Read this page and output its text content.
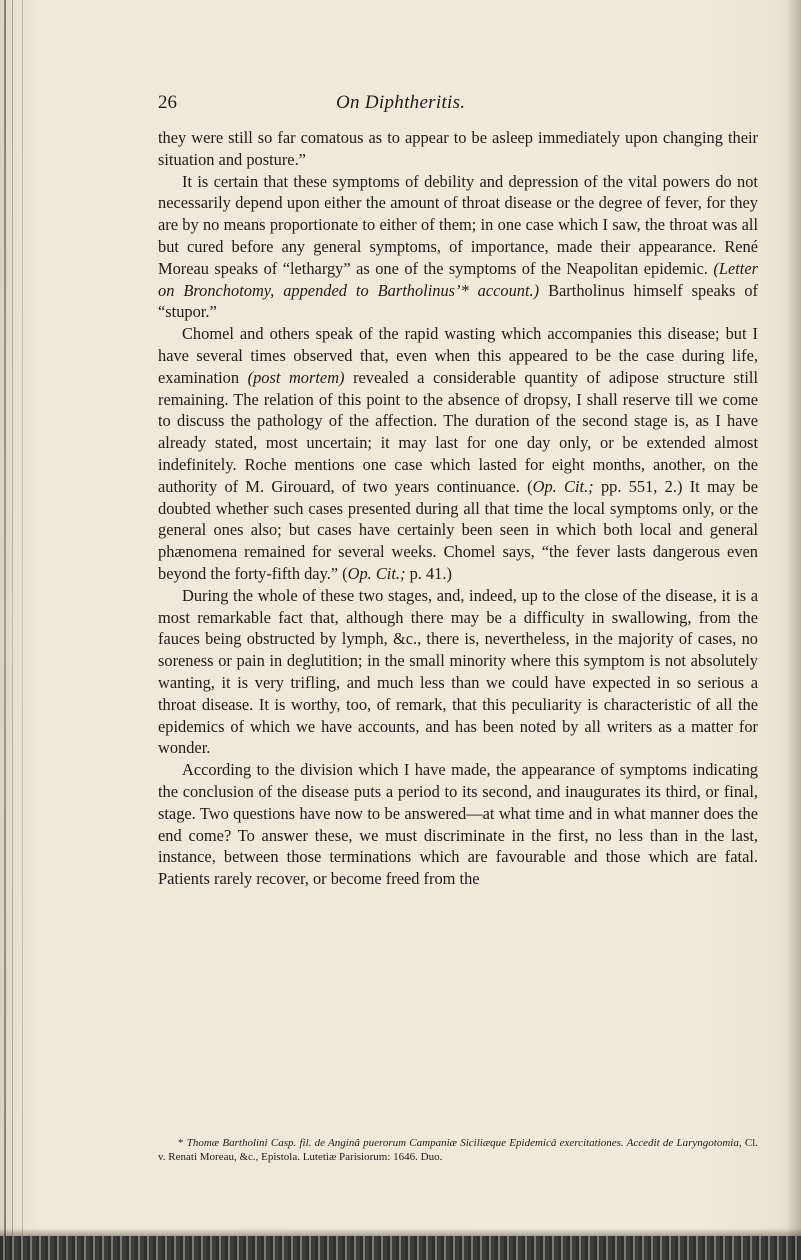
26	On Diphtheritis.

they were still so far comatous as to appear to be asleep immediately upon changing their situation and posture.”

It is certain that these symptoms of debility and depression of the vital powers do not necessarily depend upon either the amount of throat disease or the degree of fever, for they are by no means proportionate to either of them; in one case which I saw, the throat was all but cured before any general symptoms, of importance, made their appearance. René Moreau speaks of “lethargy” as one of the symptoms of the Neapolitan epidemic. (Letter on Bronchotomy, appended to Bartholinus’* account.) Bartholinus himself speaks of “stupor.”

Chomel and others speak of the rapid wasting which accompanies this disease; but I have several times observed that, even when this appeared to be the case during life, examination (post mortem) revealed a considerable quantity of adipose structure still remaining. The relation of this point to the absence of dropsy, I shall reserve till we come to discuss the pathology of the affection. The duration of the second stage is, as I have already stated, most uncertain; it may last for one day only, or be extended almost indefinitely. Roche mentions one case which lasted for eight months, another, on the authority of M. Girouard, of two years continuance. (Op. Cit.; pp. 551, 2.) It may be doubted whether such cases presented during all that time the local symptoms only, or the general ones also; but cases have certainly been seen in which both local and general phænomena remained for several weeks. Chomel says, “the fever lasts dangerous even beyond the forty-fifth day.” (Op. Cit.; p. 41.)

During the whole of these two stages, and, indeed, up to the close of the disease, it is a most remarkable fact that, although there may be a difficulty in swallowing, from the fauces being obstructed by lymph, &c., there is, nevertheless, in the majority of cases, no soreness or pain in deglutition; in the small minority where this symptom is not absolutely wanting, it is very trifling, and much less than we could have expected in so serious a throat disease. It is worthy, too, of remark, that this peculiarity is characteristic of all the epidemics of which we have accounts, and has been noted by all writers as a matter for wonder.

According to the division which I have made, the appearance of symptoms indicating the conclusion of the disease puts a period to its second, and inaugurates its third, or final, stage. Two questions have now to be answered—at what time and in what manner does the end come? To answer these, we must discriminate in the first, no less than in the last, instance, between those terminations which are favourable and those which are fatal. Patients rarely recover, or become freed from the

* Thomæ Bartholini Casp. fil. de Anginâ puerorum Campaniæ Siciliæque Epidemicâ exercitationes. Accedit de Laryngotomia, Cl. v. Renati Moreau, &c., Epistola. Lutetiæ Parisiorum: 1646. Duo.
